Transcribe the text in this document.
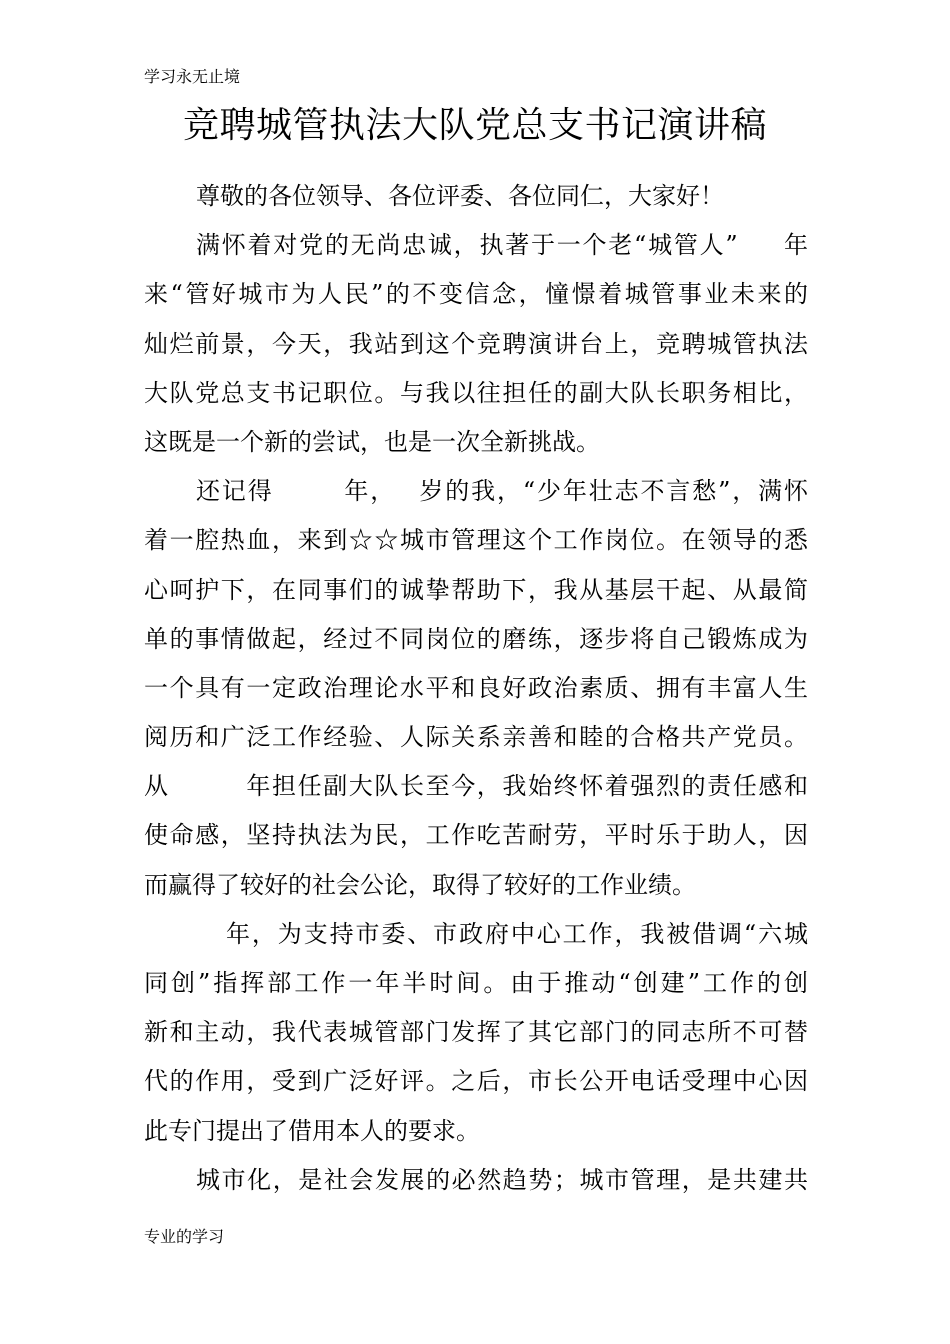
学习永无止境
竞聘城管执法大队党总支书记演讲稿
尊敬的各位领导、各位评委、各位同仁，大家好！
满怀着对党的无尚忠诚，执著于一个老“城管人”　  年
来“管好城市为人民”的不变信念，憧憬着城管事业未来的
灿烂前景，今天，我站到这个竞聘演讲台上，竞聘城管执法
大队党总支书记职位。与我以往担任的副大队长职务相比，
这既是一个新的尝试，也是一次全新挑战。
还记得　　  年，　 岁的我，“少年壮志不言愁”，满怀
着一腔热血，来到☆☆城市管理这个工作岗位。在领导的悉
心呵护下，在同事们的诚挚帮助下，我从基层干起、从最简
单的事情做起，经过不同岗位的磨练，逐步将自己锻炼成为
一个具有一定政治理论水平和良好政治素质、拥有丰富人生
阅历和广泛工作经验、人际关系亲善和睦的合格共产党员。
从　　　年担任副大队长至今，我始终怀着强烈的责任感和
使命感，坚持执法为民，工作吃苦耐劳，平时乐于助人，因
而赢得了较好的社会公论，取得了较好的工作业绩。
年，为支持市委、市政府中心工作，我被借调“六城
同创”指挥部工作一年半时间。由于推动“创建”工作的创
新和主动，我代表城管部门发挥了其它部门的同志所不可替
代的作用，受到广泛好评。之后，市长公开电话受理中心因
此专门提出了借用本人的要求。
城市化，是社会发展的必然趋势；城市管理，是共建共
专业的学习
